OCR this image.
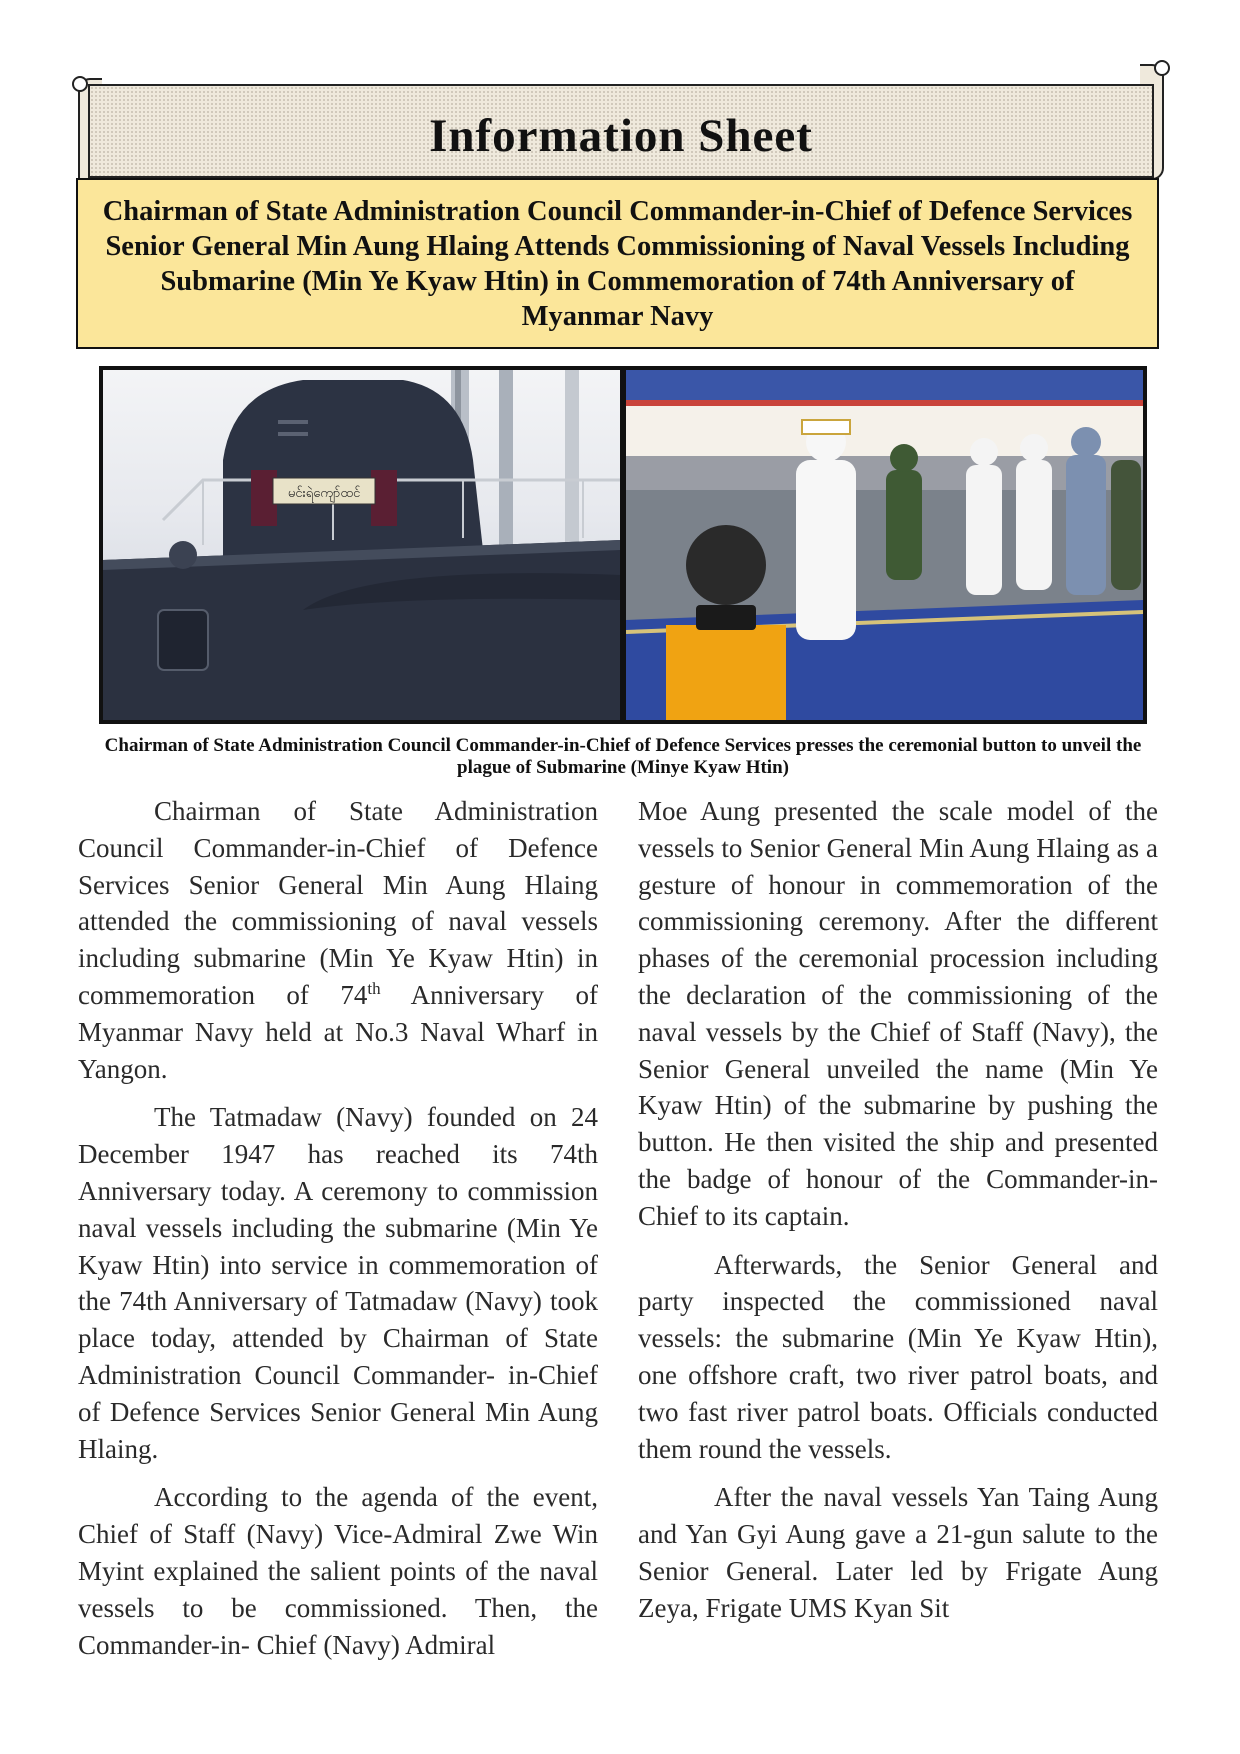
Information Sheet
Chairman of State Administration Council Commander-in-Chief of Defence Services Senior General Min Aung Hlaing Attends Commissioning of Naval Vessels Including Submarine (Min Ye Kyaw Htin) in Commemoration of 74th Anniversary of Myanmar Navy
မင်းရဲကျော်ထင်
Chairman of State Administration Council Commander-in-Chief of Defence Services presses the ceremonial button to unveil the plague of Submarine (Minye Kyaw Htin)

Chairman of State Administration Council Commander-in-Chief of Defence Services Senior General Min Aung Hlaing attended the commissioning of naval vessels including submarine (Min Ye Kyaw Htin) in commemoration of 74th Anniversary of Myanmar Navy held at No.3 Naval Wharf in Yangon.

The Tatmadaw (Navy) founded on 24 December 1947 has reached its 74th Anniversary today. A ceremony to commission naval vessels including the submarine (Min Ye Kyaw Htin) into service in commemoration of the 74th Anniversary of Tatmadaw (Navy) took place today, attended by Chairman of State Administration Council Commander- in-Chief of Defence Services Senior General Min Aung Hlaing.

According to the agenda of the event, Chief of Staff (Navy) Vice-Admiral Zwe Win Myint explained the salient points of the naval vessels to be commissioned. Then, the Commander-in- Chief (Navy) Admiral

Moe Aung presented the scale model of the vessels to Senior General Min Aung Hlaing as a gesture of honour in commemoration of the commissioning ceremony. After the different phases of the ceremonial procession including the declaration of the commissioning of the naval vessels by the Chief of Staff (Navy), the Senior General unveiled the name (Min Ye Kyaw Htin) of the submarine by pushing the button. He then visited the ship and presented the badge of honour of the Commander-in-Chief to its captain.

Afterwards, the Senior General and party inspected the commissioned naval vessels: the submarine (Min Ye Kyaw Htin), one offshore craft, two river patrol boats, and two fast river patrol boats. Officials conducted them round the vessels.

After the naval vessels Yan Taing Aung and Yan Gyi Aung gave a 21-gun salute to the Senior General. Later led by Frigate Aung Zeya, Frigate UMS Kyan Sit
